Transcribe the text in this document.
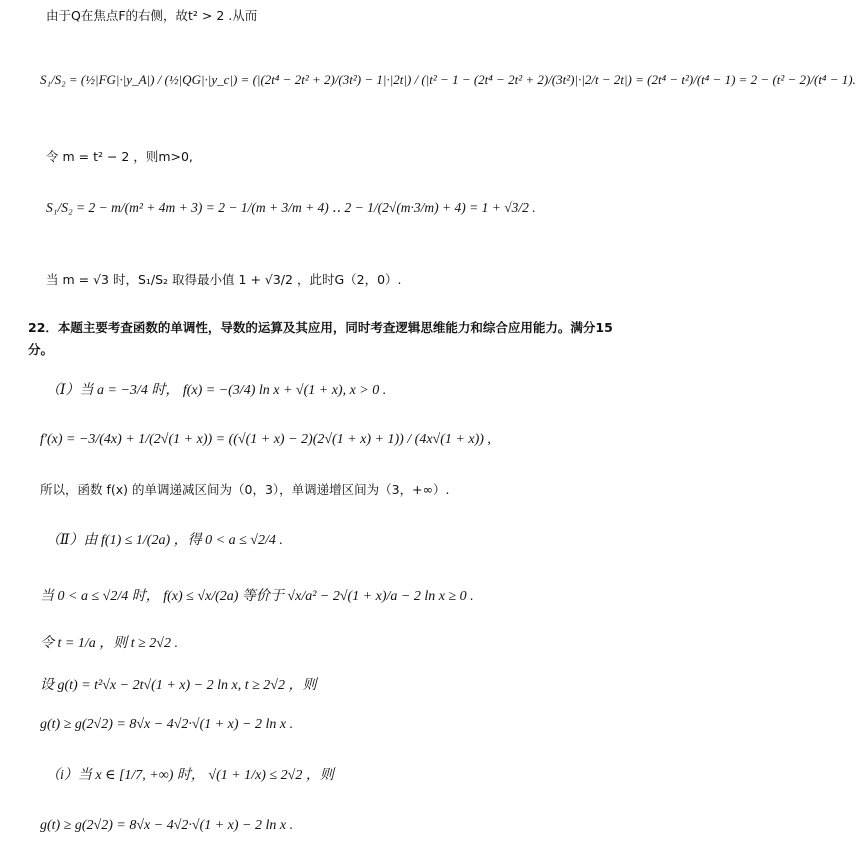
由于Q在焦点F的右侧，故t² > 2 .从而
S₁/S₂ = (½|FG|·|y_A|) / (½|QG|·|y_c|) = (|(2t⁴ − 2t² + 2)/(3t²) − 1|·|2t|) / (|t² − 1 − (2t⁴ − 2t² + 2)/(3t²)|·|2/t − 2t|) = (2t⁴ − t²)/(t⁴ − 1) = 2 − (t² − 2)/(t⁴ − 1).
令 m = t² − 2 ，则m>0,
S₁/S₂ = 2 − m/(m² + 4m + 3) = 2 − 1/(m + 3/m + 4) ‥ 2 − 1/(2√(m·3/m) + 4) = 1 + √3/2 .
当 m = √3 时，S₁/S₂ 取得最小值 1 + √3/2 ，此时G（2，0）.
22．本题主要考查函数的单调性，导数的运算及其应用，同时考查逻辑思维能力和综合应用能力。满分15分。
（Ⅰ）当 a = −3/4 时， f(x) = −(3/4) ln x + √(1 + x), x > 0 .
f′(x) = −3/(4x) + 1/(2√(1 + x)) = ((√(1 + x) − 2)(2√(1 + x) + 1)) / (4x√(1 + x)) ,
所以，函数 f(x) 的单调递减区间为（0，3），单调递增区间为（3，+∞）.
（Ⅱ）由 f(1) ≤ 1/(2a) ，得 0 < a ≤ √2/4 .
当 0 < a ≤ √2/4 时， f(x) ≤ √x/(2a) 等价于 √x/a² − 2√(1 + x)/a − 2 ln x ≥ 0 .
令 t = 1/a ，则 t ≥ 2√2 .
设 g(t) = t²√x − 2t√(1 + x) − 2 ln x, t ≥ 2√2 ，则
g(t) ≥ g(2√2) = 8√x − 4√2·√(1 + x) − 2 ln x .
（i）当 x ∈ [1/7, +∞) 时， √(1 + 1/x) ≤ 2√2 ，则
g(t) ≥ g(2√2) = 8√x − 4√2·√(1 + x) − 2 ln x .
